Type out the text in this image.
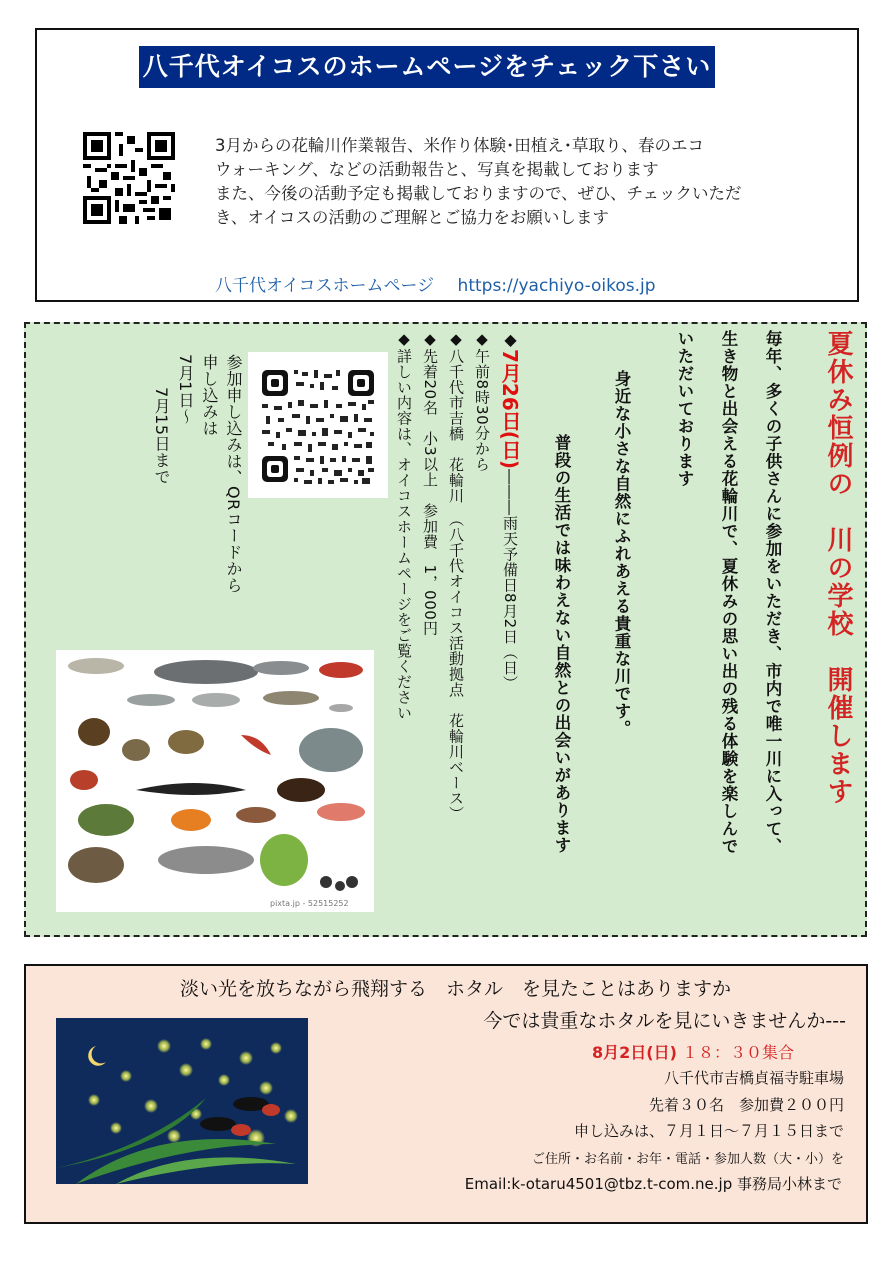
八千代オイコスのホームページをチェック下さい
3月からの花輪川作業報告、米作り体験･田植え･草取り、春のエコ
ウォーキング、などの活動報告と、写真を掲載しております
また、今後の活動予定も掲載しておりますので、ぜひ、チェックいただ
き、オイコスの活動のご理解とご協力をお願いします
八千代オイコスホームページ https://yachiyo-oikos.jp
夏休み恒例の　川の学校　開催します
毎年、多くの子供さんに参加をいただき、市内で唯一川に入って、
生き物と出会える花輪川で、夏休みの思い出の残る体験を楽しんで
いただいております
身近な小さな自然にふれあえる貴重な川です。
普段の生活では味わえない自然との出会いがあります
◆7月26日(日)―――雨天予備日8月2日（日）
◆午前8時30分から
◆八千代市吉橋　花輪川　（八千代オイコス活動拠点　花輪川ベース）
◆先着20名　小3以上　参加費　1，000円
◆詳しい内容は、オイコスホームページをご覧ください
参加申し込みは、QRコードから
申し込みは
7月1日～
　　7月15日まで
pixta.jp - 52515252
淡い光を放ちながら飛翔する　ホタル　を見たことはありますか
今では貴重なホタルを見にいきませんか---
8月2日(日) １８：３０集合
八千代市吉橋貞福寺駐車場
先着３０名　参加費２００円
申し込みは、７月１日～７月１５日まで
ご住所・お名前・お年・電話・参加人数（大・小）を
Email:k-otaru4501@tbz.t-com.ne.jp 事務局小林まで
